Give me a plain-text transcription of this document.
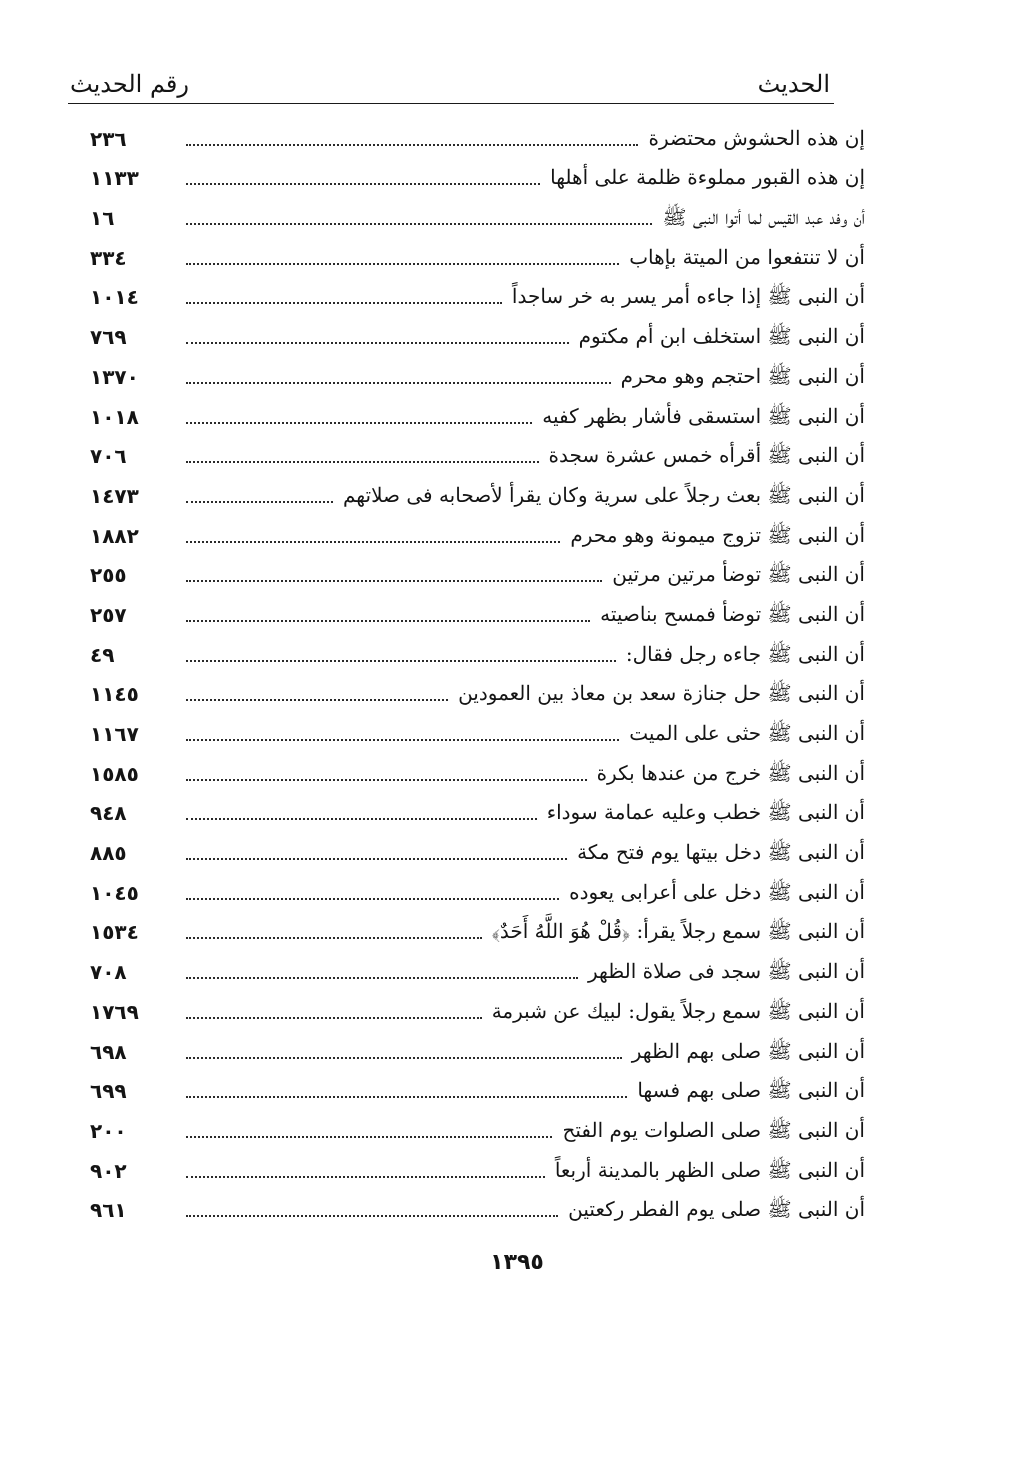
الحديث
رقم الحديث
إن هذه الحشوش محتضرة
٢٣٦
إن هذه القبور مملوءة ظلمة على أهلها
١١٣٣
أن وفد عبد القيس لما أتوا النبى ﷺ
١٦
أن لا تنتفعوا من الميتة بإهاب
٣٣٤
أن النبى ﷺ إذا جاءه أمر يسر به خر ساجداً
١٠١٤
أن النبى ﷺ استخلف ابن أم مكتوم
٧٦٩
أن النبى ﷺ احتجم وهو محرم
١٣٧٠
أن النبى ﷺ استسقى فأشار بظهر كفيه
١٠١٨
أن النبى ﷺ أقرأه خمس عشرة سجدة
٧٠٦
أن النبى ﷺ بعث رجلاً على سرية وكان يقرأ لأصحابه فى صلاتهم
١٤٧٣
أن النبى ﷺ تزوج ميمونة وهو محرم
١٨٨٢
أن النبى ﷺ توضأ مرتين مرتين
٢٥٥
أن النبى ﷺ توضأ فمسح بناصيته
٢٥٧
أن النبى ﷺ جاءه رجل فقال:
٤٩
أن النبى ﷺ حل جنازة سعد بن معاذ بين العمودين
١١٤٥
أن النبى ﷺ حثى على الميت
١١٦٧
أن النبى ﷺ خرج من عندها بكرة
١٥٨٥
أن النبى ﷺ خطب وعليه عمامة سوداء
٩٤٨
أن النبى ﷺ دخل بيتها يوم فتح مكة
٨٨٥
أن النبى ﷺ دخل على أعرابى يعوده
١٠٤٥
أن النبى ﷺ سمع رجلاً يقرأ: ﴿قُلْ هُوَ اللَّهُ أَحَدٌ﴾
١٥٣٤
أن النبى ﷺ سجد فى صلاة الظهر
٧٠٨
أن النبى ﷺ سمع رجلاً يقول: لبيك عن شبرمة
١٧٦٩
أن النبى ﷺ صلى بهم الظهر
٦٩٨
أن النبى ﷺ صلى بهم فسها
٦٩٩
أن النبى ﷺ صلى الصلوات يوم الفتح
٢٠٠
أن النبى ﷺ صلى الظهر بالمدينة أربعاً
٩٠٢
أن النبى ﷺ صلى يوم الفطر ركعتين
٩٦١
١٣٩٥
